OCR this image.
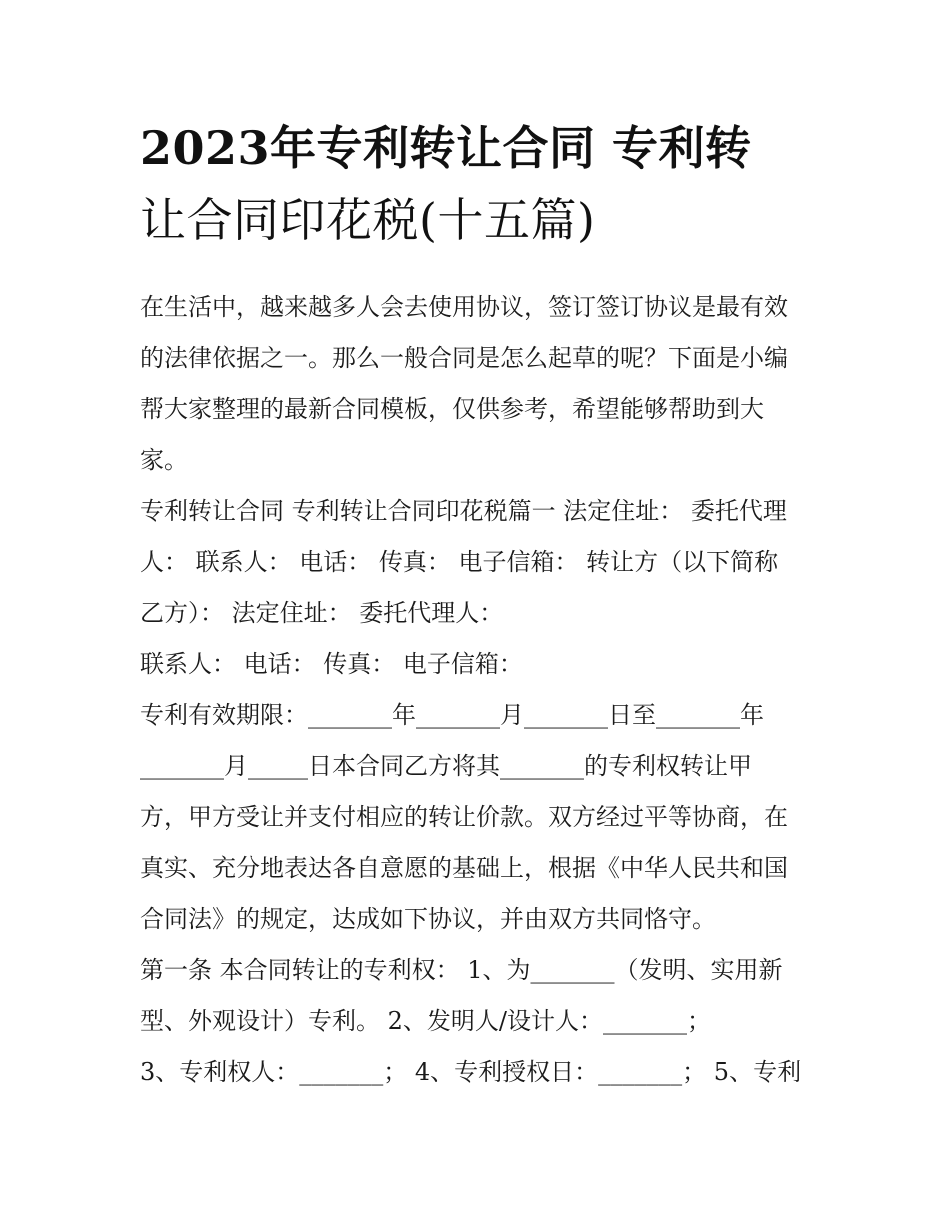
2023年专利转让合同 专利转
让合同印花税(十五篇)
在生活中，越来越多人会去使用协议，签订签订协议是最有效
的法律依据之一。那么一般合同是怎么起草的呢？下面是小编
帮大家整理的最新合同模板，仅供参考，希望能够帮助到大
家。
专利转让合同 专利转让合同印花税篇一 法定住址： 委托代理
人： 联系人： 电话： 传真： 电子信箱： 转让方（以下简称
乙方）： 法定住址： 委托代理人：
联系人： 电话： 传真： 电子信箱：
专利有效期限：_______年_______月_______日至_______年
_______月_____日本合同乙方将其_______的专利权转让甲
方，甲方受让并支付相应的转让价款。双方经过平等协商，在
真实、充分地表达各自意愿的基础上，根据《中华人民共和国
合同法》的规定，达成如下协议，并由双方共同恪守。
第一条 本合同转让的专利权： 1、为_______（发明、实用新
型、外观设计）专利。 2、发明人/设计人：_______；
3、专利权人：_______； 4、专利授权日：_______； 5、专利
